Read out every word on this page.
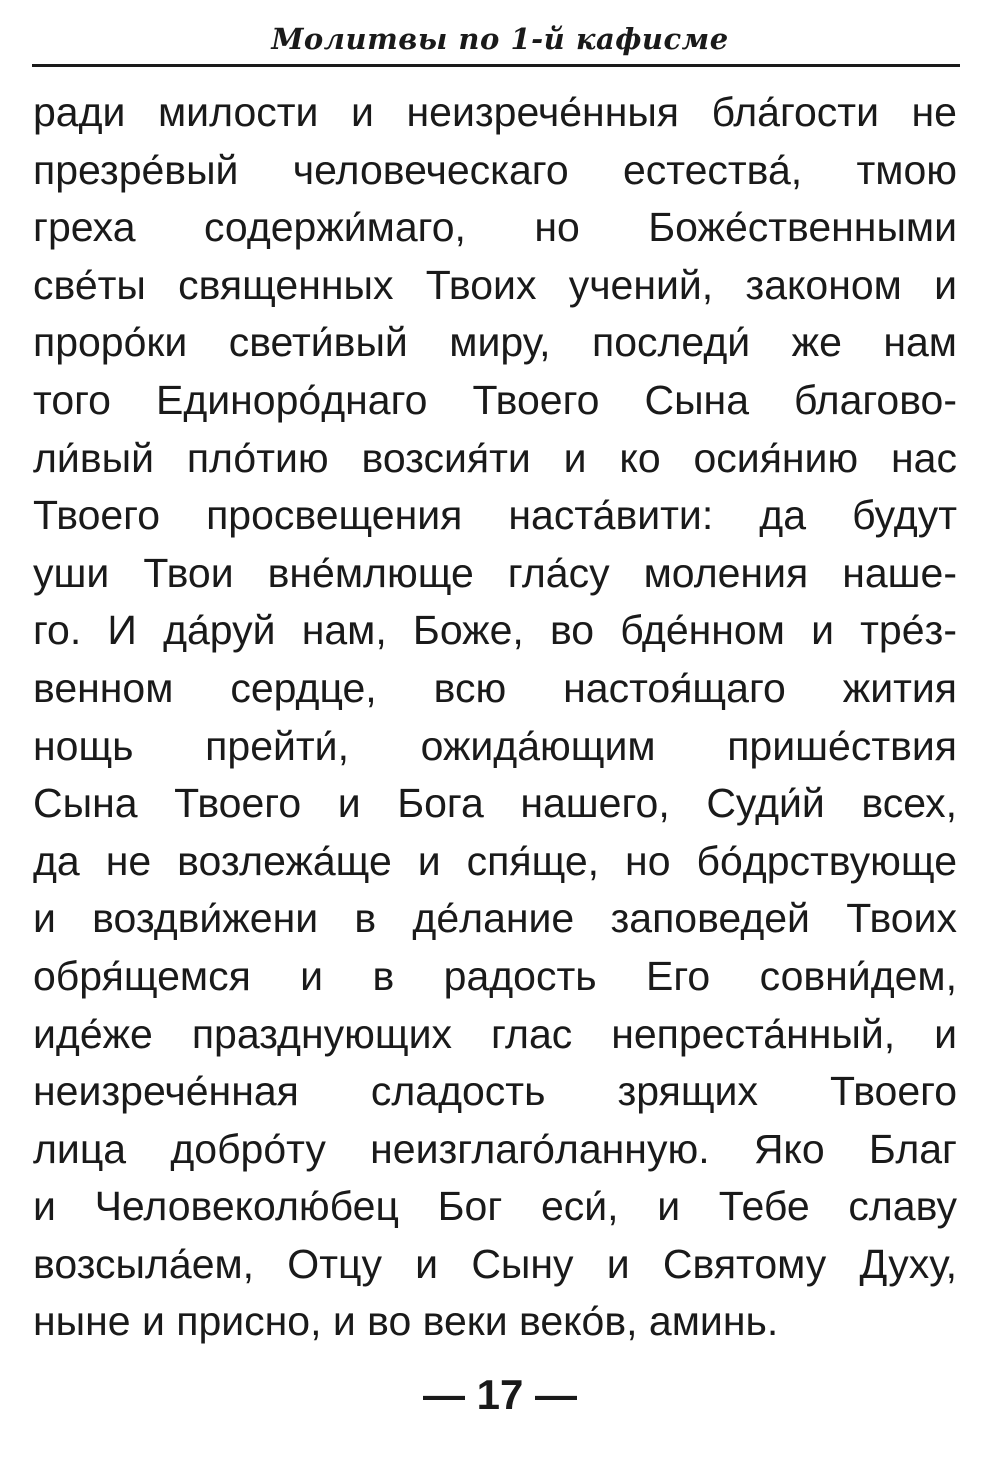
Молитвы по 1-й кафисме
ради милости и неизрече́нныя бла́гости не
презре́вый человеческаго естества́, тмою
греха содержи́маго, но Боже́ственными
све́ты священных Твоих учений, законом и
проро́ки свети́вый миру, последи́ же нам
того Единоро́днаго Твоего Сына благово-
ли́вый пло́тию возсия́ти и ко осия́нию нас
Твоего просвещения наста́вити: да будут
уши Твои вне́млюще гла́су моления наше-
го. И да́руй нам, Боже, во бде́нном и тре́з-
венном сердце, всю настоя́щаго жития
нощь прейти́, ожида́ющим прише́ствия
Сына Твоего и Бога нашего, Суди́й всех,
да не возлежа́ще и спя́ще, но бо́дрствующе
и воздви́жени в де́лание заповедей Твоих
обря́щемся и в радость Его совни́дем,
иде́же празднующих глас непреста́нный, и
неизрече́нная сладость зрящих Твоего
лица добро́ту неизглаго́ланную. Яко Благ
и Человеколю́бец Бог еси́, и Тебе славу
возсыла́ем, Отцу и Сыну и Святому Духу,
ныне и присно, и во веки веко́в, аминь.
— 17 —
